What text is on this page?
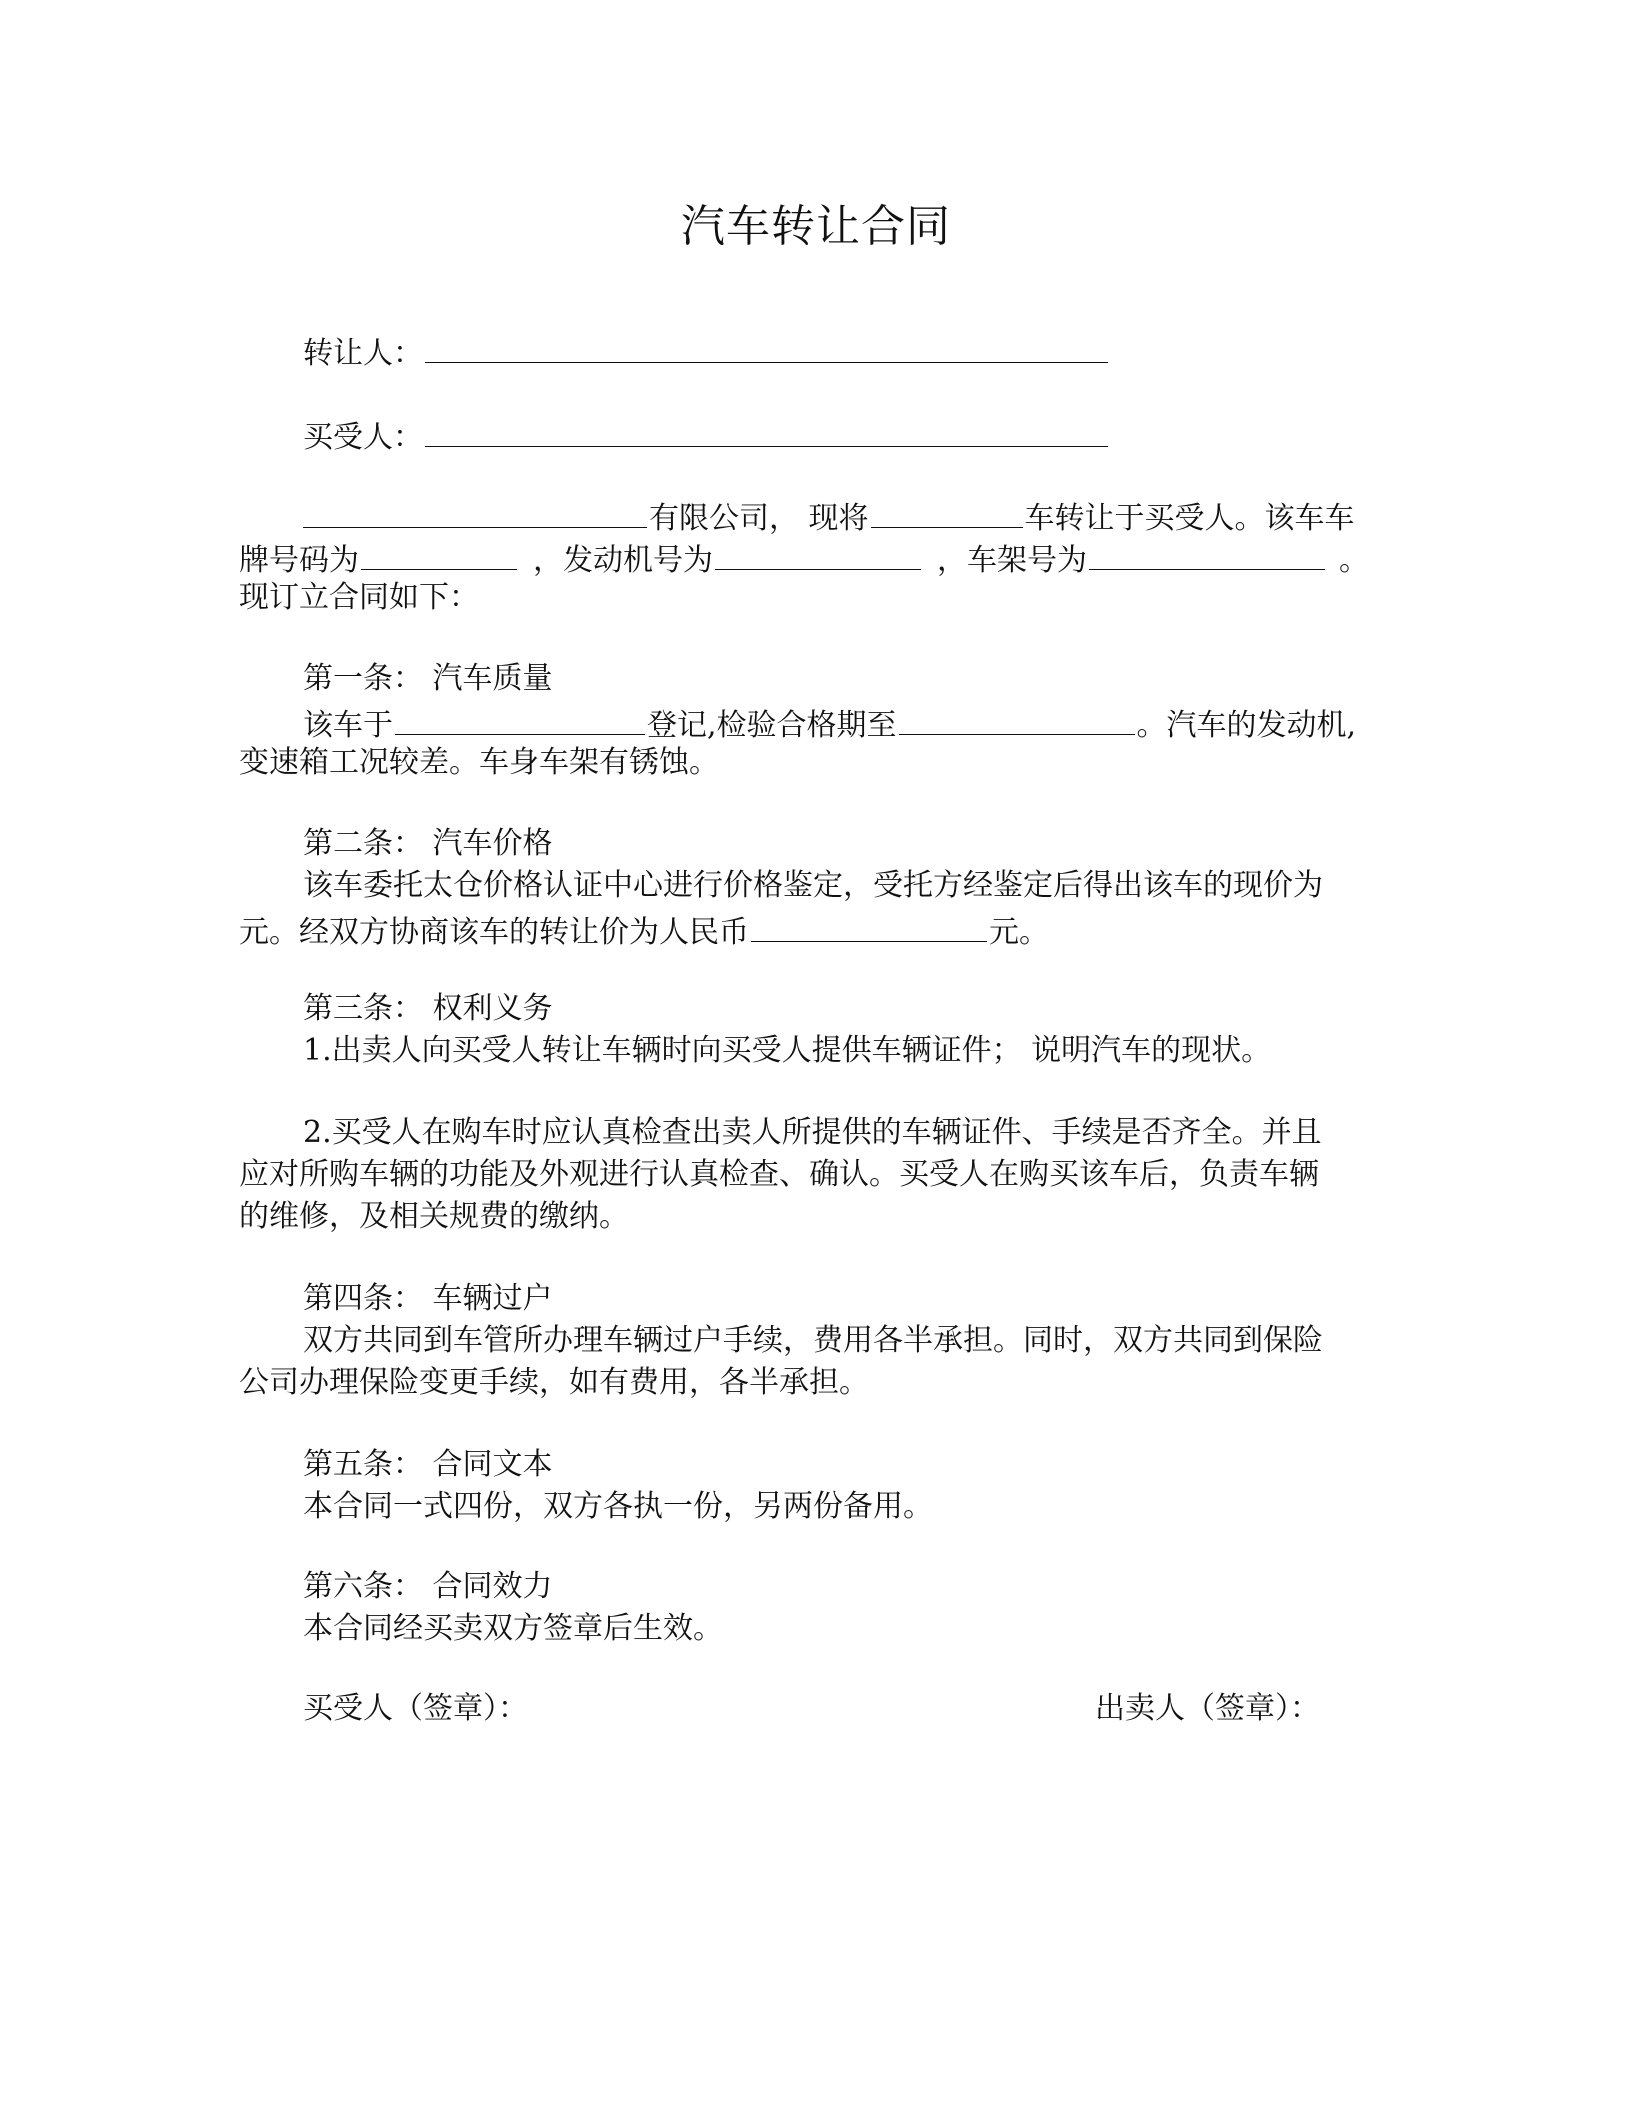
汽车转让合同
转让人：
买受人：
有限公司， 现将	车转让于买受人。该车车
牌号码为	，发动机号为	，车架号为	。
现订立合同如下：
第一条： 汽车质量
该车于	登记,检验合格期至	。汽车的发动机,
变速箱工况较差。车身车架有锈蚀。
第二条： 汽车价格
该车委托太仓价格认证中心进行价格鉴定，受托方经鉴定后得出该车的现价为
元。经双方协商该车的转让价为人民币	元。
第三条： 权利义务
1.出卖人向买受人转让车辆时向买受人提供车辆证件； 说明汽车的现状。
2.买受人在购车时应认真检查出卖人所提供的车辆证件、手续是否齐全。并且
应对所购车辆的功能及外观进行认真检查、确认。买受人在购买该车后，负责车辆
的维修，及相关规费的缴纳。
第四条： 车辆过户
双方共同到车管所办理车辆过户手续，费用各半承担。同时，双方共同到保险
公司办理保险变更手续，如有费用，各半承担。
第五条： 合同文本
本合同一式四份，双方各执一份，另两份备用。
第六条： 合同效力
本合同经买卖双方签章后生效。
买受人（签章）：	出卖人（签章）：
